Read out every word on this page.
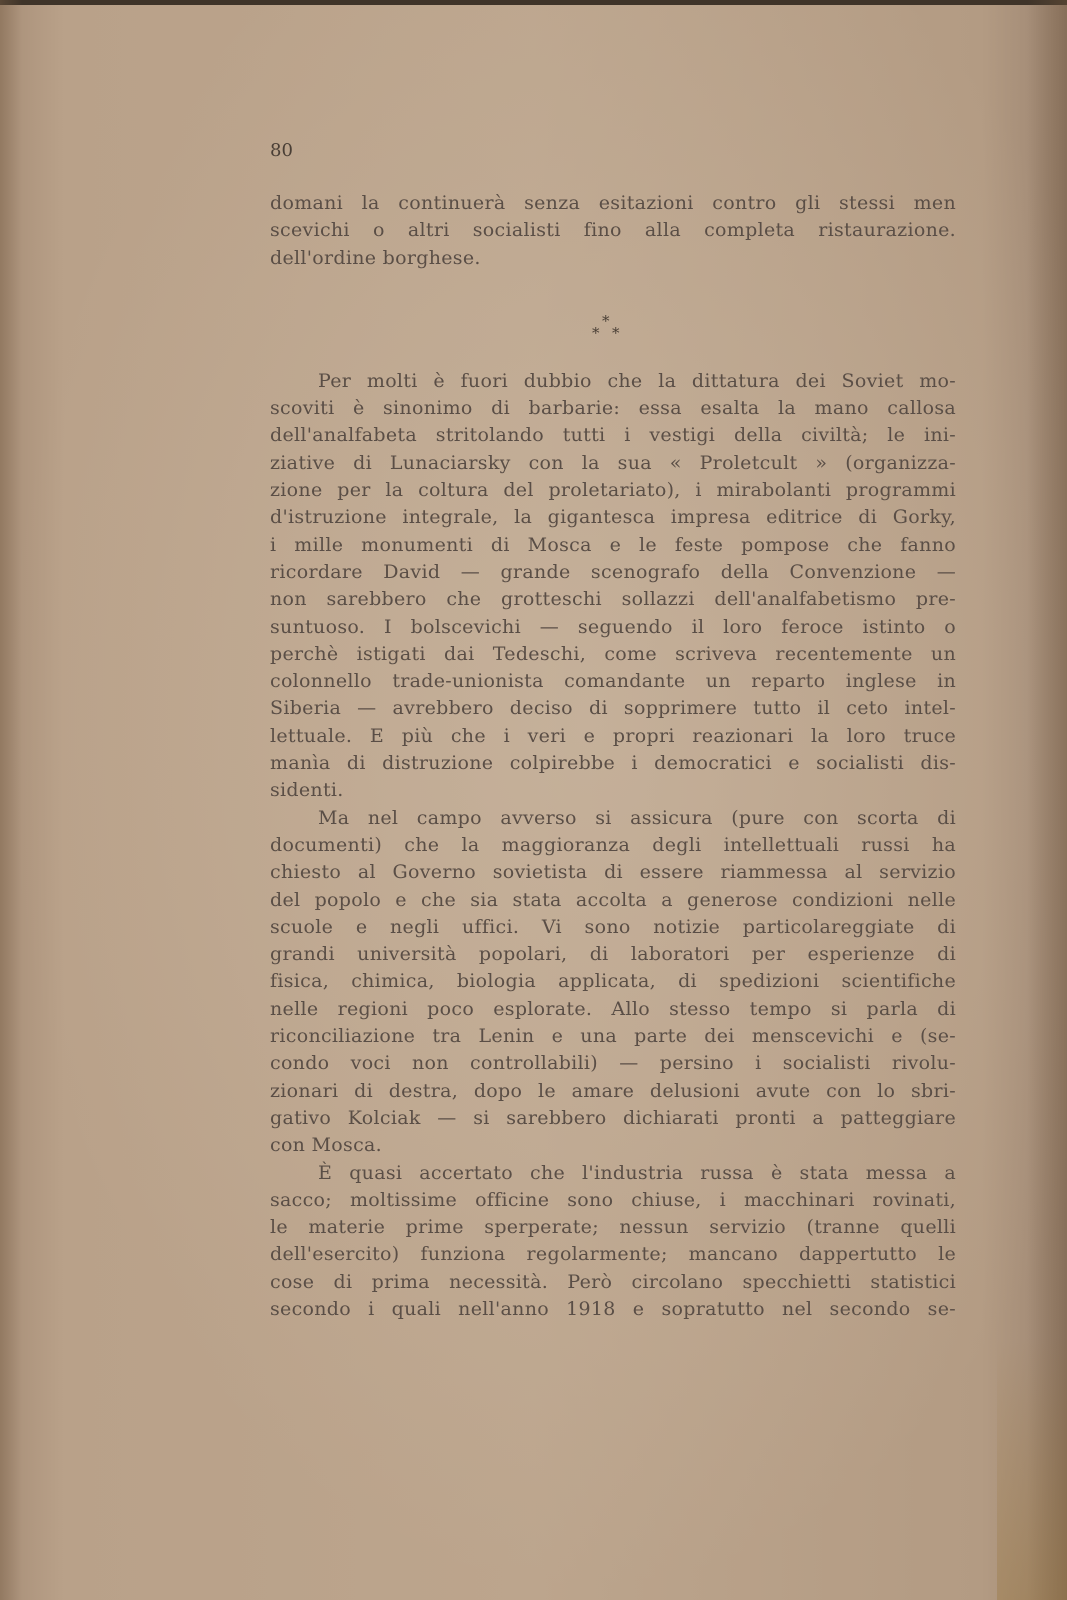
80
domani la continuerà senza esitazioni contro gli stessi men
scevichi o altri socialisti fino alla completa ristaurazione.
dell'ordine borghese.
*
* *
Per molti è fuori dubbio che la dittatura dei Soviet mo-
scoviti è sinonimo di barbarie: essa esalta la mano callosa
dell'analfabeta stritolando tutti i vestigi della civiltà; le ini-
ziative di Lunaciarsky con la sua « Proletcult » (organizza-
zione per la coltura del proletariato), i mirabolanti programmi
d'istruzione integrale, la gigantesca impresa editrice di Gorky,
i mille monumenti di Mosca e le feste pompose che fanno
ricordare David — grande scenografo della Convenzione —
non sarebbero che grotteschi sollazzi dell'analfabetismo pre-
suntuoso. I bolscevichi — seguendo il loro feroce istinto o
perchè istigati dai Tedeschi, come scriveva recentemente un
colonnello trade-unionista comandante un reparto inglese in
Siberia — avrebbero deciso di sopprimere tutto il ceto intel-
lettuale. E più che i veri e propri reazionari la loro truce
manìa di distruzione colpirebbe i democratici e socialisti dis-
sidenti.
Ma nel campo avverso si assicura (pure con scorta di
documenti) che la maggioranza degli intellettuali russi ha
chiesto al Governo sovietista di essere riammessa al servizio
del popolo e che sia stata accolta a generose condizioni nelle
scuole e negli uffici. Vi sono notizie particolareggiate di
grandi università popolari, di laboratori per esperienze di
fisica, chimica, biologia applicata, di spedizioni scientifiche
nelle regioni poco esplorate. Allo stesso tempo si parla di
riconciliazione tra Lenin e una parte dei menscevichi e (se-
condo voci non controllabili) — persino i socialisti rivolu-
zionari di destra, dopo le amare delusioni avute con lo sbri-
gativo Kolciak — si sarebbero dichiarati pronti a patteggiare
con Mosca.
È quasi accertato che l'industria russa è stata messa a
sacco; moltissime officine sono chiuse, i macchinari rovinati,
le materie prime sperperate; nessun servizio (tranne quelli
dell'esercito) funziona regolarmente; mancano dappertutto le
cose di prima necessità. Però circolano specchietti statistici
secondo i quali nell'anno 1918 e sopratutto nel secondo se-
